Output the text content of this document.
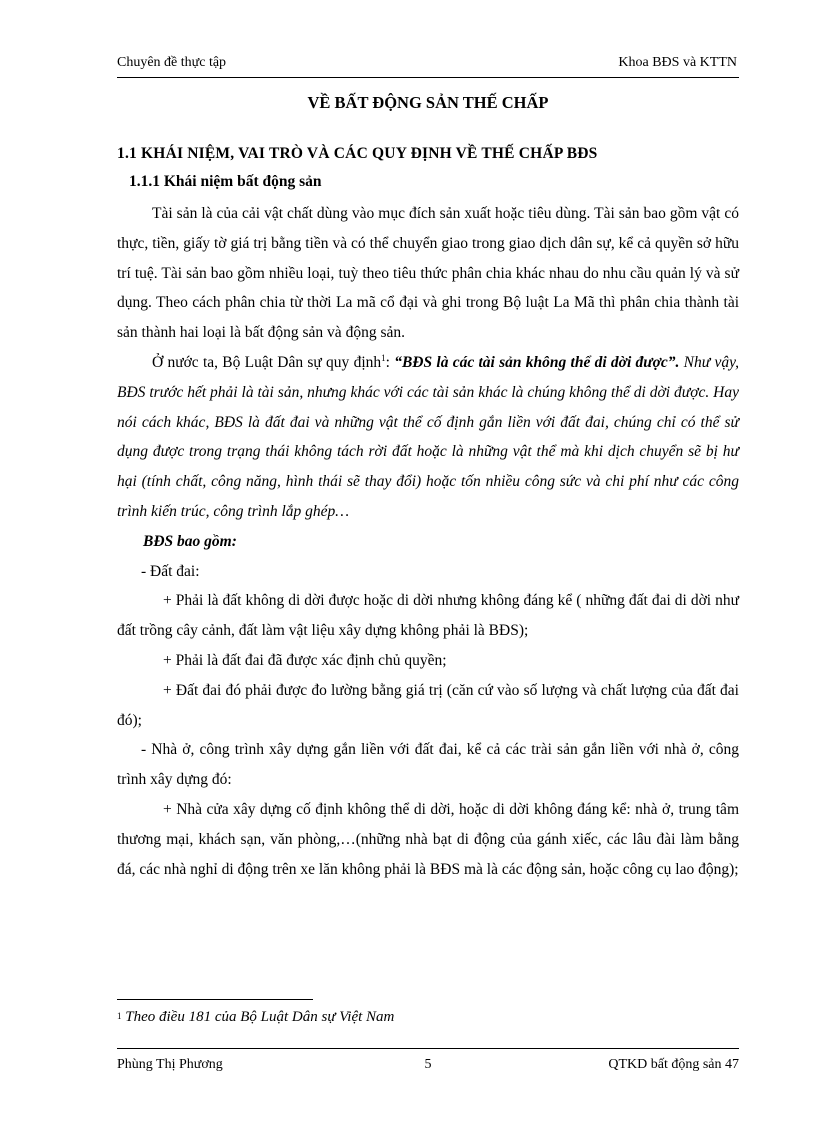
Chuyên đề thực tập	Khoa BĐS và KTTN
VỀ BẤT ĐỘNG SẢN THẾ CHẤP
1.1 KHÁI NIỆM, VAI TRÒ VÀ CÁC QUY ĐỊNH VỀ THẾ CHẤP BĐS
1.1.1 Khái niệm bất động sản

Tài sản là của cải vật chất dùng vào mục đích sản xuất hoặc tiêu dùng. Tài sản bao gồm vật có thực, tiền, giấy tờ giá trị bằng tiền và có thể chuyển giao trong giao dịch dân sự, kể cả quyền sở hữu trí tuệ. Tài sản bao gồm nhiều loại, tuỳ theo tiêu thức phân chia khác nhau do nhu cầu quản lý và sử dụng. Theo cách phân chia từ thời La mã cổ đại và ghi trong Bộ luật La Mã thì phân chia thành tài sản thành hai loại là bất động sản và động sản.

Ở nước ta, Bộ Luật Dân sự quy định$^1$: “BĐS là các tài sản không thể di dời được”. Như vậy, BĐS trước hết phải là tài sản, nhưng khác với các tài sản khác là chúng không thể di dời được. Hay nói cách khác, BĐS là đất đai và những vật thể cố định gắn liền với đất đai, chúng chỉ có thể sử dụng được trong trạng thái không tách rời đất hoặc là những vật thể mà khi dịch chuyển sẽ bị hư hại (tính chất, công năng, hình thái sẽ thay đổi) hoặc tốn nhiều công sức và chi phí như các công trình kiến trúc, công trình lắp ghép…

BĐS bao gồm:

- Đất đai:

+ Phải là đất không di dời được hoặc di dời nhưng không đáng kể ( những đất đai di dời như đất trồng cây cảnh, đất làm vật liệu xây dựng không phải là BĐS);

+ Phải là đất đai đã được xác định chủ quyền;

+ Đất đai đó phải được đo lường bằng giá trị (căn cứ vào số lượng và chất lượng của đất đai đó);

- Nhà ở, công trình xây dựng gắn liền với đất đai, kể cả các trài sản gắn liền với nhà ở, công trình xây dựng đó:

+ Nhà cửa xây dựng cố định không thể di dời, hoặc di dời không đáng kể: nhà ở, trung tâm thương mại, khách sạn, văn phòng,…(những nhà bạt di động của gánh xiếc, các lâu đài làm bằng đá, các nhà nghỉ di động trên xe lăn không phải là BĐS mà là các động sản, hoặc công cụ lao động);

1 Theo điều 181 của Bộ Luật Dân sự Việt Nam
Phùng Thị Phương	5	QTKD bất động sản 47
